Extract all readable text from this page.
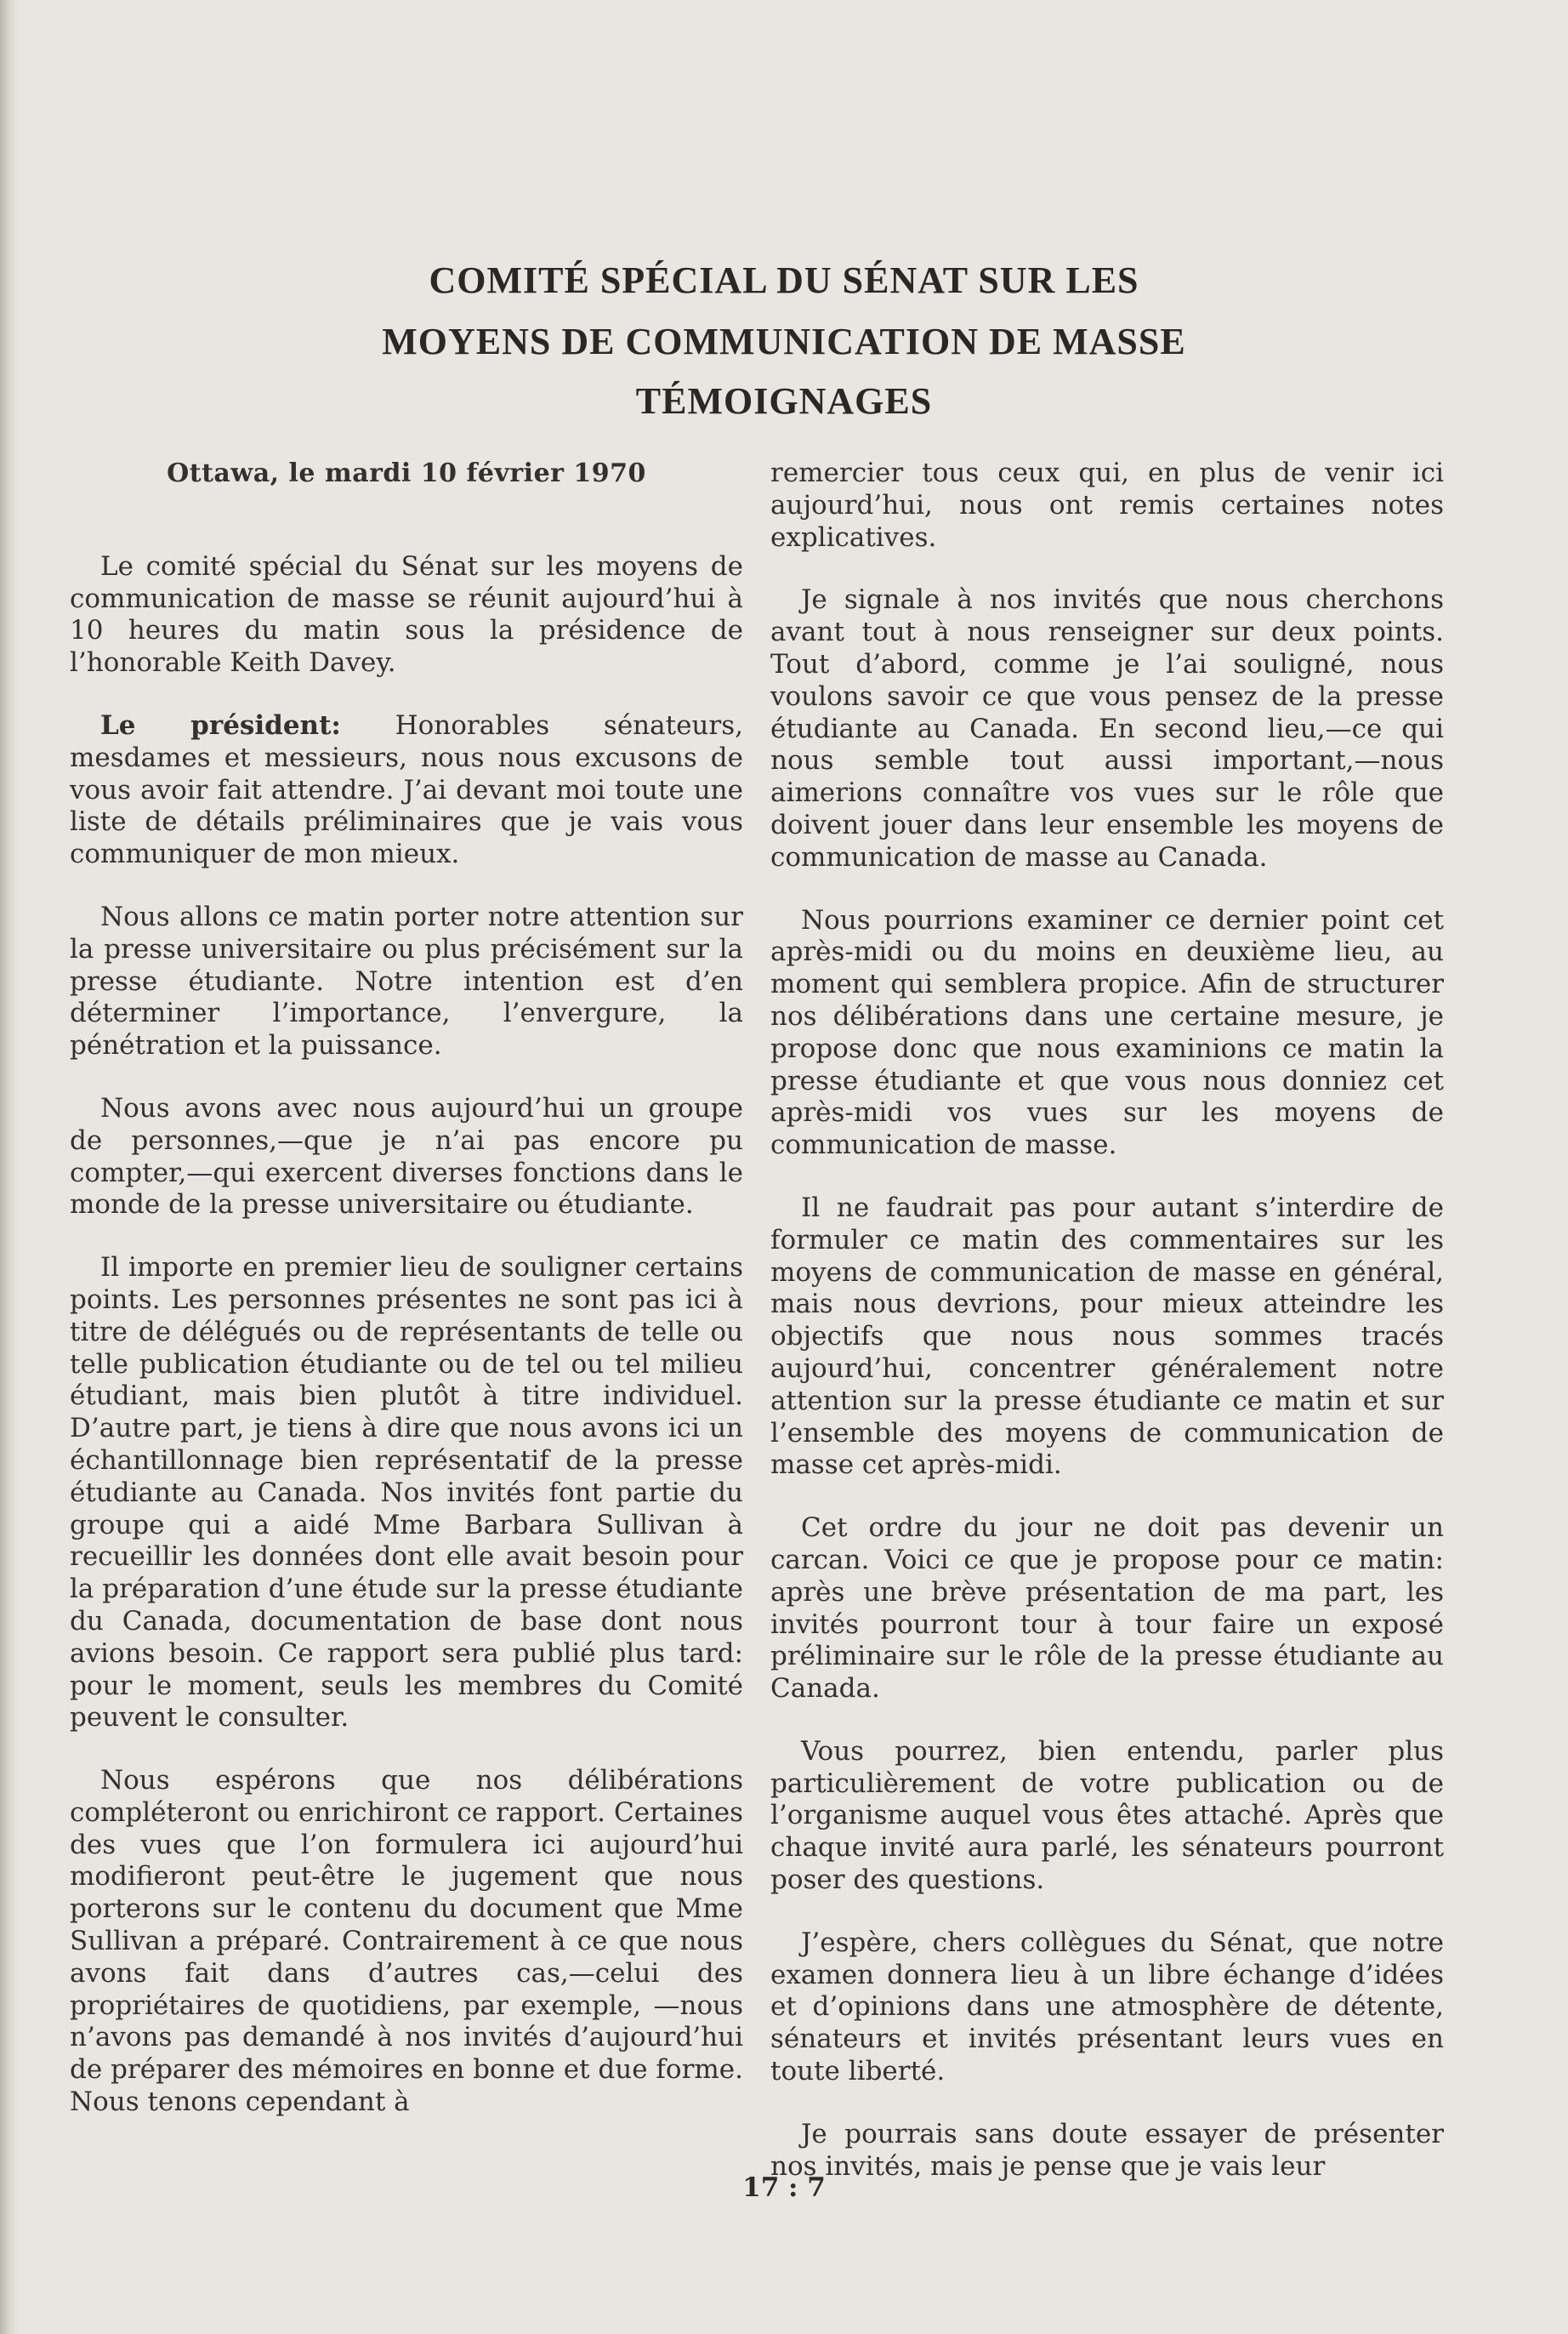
COMITÉ SPÉCIAL DU SÉNAT SUR LES
MOYENS DE COMMUNICATION DE MASSE
TÉMOIGNAGES
Ottawa, le mardi 10 février 1970

Le comité spécial du Sénat sur les moyens de communication de masse se réunit aujourd’hui à 10 heures du matin sous la présidence de l’honorable Keith Davey.

Le président: Honorables sénateurs, mesdames et messieurs, nous nous excusons de vous avoir fait attendre. J’ai devant moi toute une liste de détails préliminaires que je vais vous communiquer de mon mieux.

Nous allons ce matin porter notre attention sur la presse universitaire ou plus précisément sur la presse étudiante. Notre intention est d’en déterminer l’importance, l’envergure, la pénétration et la puissance.

Nous avons avec nous aujourd’hui un groupe de personnes,—que je n’ai pas encore pu compter,—qui exercent diverses fonctions dans le monde de la presse universitaire ou étudiante.

Il importe en premier lieu de souligner certains points. Les personnes présentes ne sont pas ici à titre de délégués ou de représentants de telle ou telle publication étudiante ou de tel ou tel milieu étudiant, mais bien plutôt à titre individuel. D’autre part, je tiens à dire que nous avons ici un échantillonnage bien représentatif de la presse étudiante au Canada. Nos invités font partie du groupe qui a aidé Mme Barbara Sullivan à recueillir les données dont elle avait besoin pour la préparation d’une étude sur la presse étudiante du Canada, documentation de base dont nous avions besoin. Ce rapport sera publié plus tard: pour le moment, seuls les membres du Comité peuvent le consulter.

Nous espérons que nos délibérations compléteront ou enrichiront ce rapport. Certaines des vues que l’on formulera ici aujourd’hui modifieront peut-être le jugement que nous porterons sur le contenu du document que Mme Sullivan a préparé. Contrairement à ce que nous avons fait dans d’autres cas,—celui des propriétaires de quotidiens, par exemple, —nous n’avons pas demandé à nos invités d’aujourd’hui de préparer des mémoires en bonne et due forme. Nous tenons cependant à

remercier tous ceux qui, en plus de venir ici aujourd’hui, nous ont remis certaines notes explicatives.

Je signale à nos invités que nous cherchons avant tout à nous renseigner sur deux points. Tout d’abord, comme je l’ai souligné, nous voulons savoir ce que vous pensez de la presse étudiante au Canada. En second lieu,—ce qui nous semble tout aussi important,—nous aimerions connaître vos vues sur le rôle que doivent jouer dans leur ensemble les moyens de communication de masse au Canada.

Nous pourrions examiner ce dernier point cet après-midi ou du moins en deuxième lieu, au moment qui semblera propice. Afin de structurer nos délibérations dans une certaine mesure, je propose donc que nous examinions ce matin la presse étudiante et que vous nous donniez cet après-midi vos vues sur les moyens de communication de masse.

Il ne faudrait pas pour autant s’interdire de formuler ce matin des commentaires sur les moyens de communication de masse en général, mais nous devrions, pour mieux atteindre les objectifs que nous nous sommes tracés aujourd’hui, concentrer généralement notre attention sur la presse étudiante ce matin et sur l’ensemble des moyens de communication de masse cet après-midi.

Cet ordre du jour ne doit pas devenir un carcan. Voici ce que je propose pour ce matin: après une brève présentation de ma part, les invités pourront tour à tour faire un exposé préliminaire sur le rôle de la presse étudiante au Canada.

Vous pourrez, bien entendu, parler plus particulièrement de votre publication ou de l’organisme auquel vous êtes attaché. Après que chaque invité aura parlé, les sénateurs pourront poser des questions.

J’espère, chers collègues du Sénat, que notre examen donnera lieu à un libre échange d’idées et d’opinions dans une atmosphère de détente, sénateurs et invités présentant leurs vues en toute liberté.

Je pourrais sans doute essayer de présenter nos invités, mais je pense que je vais leur

17 : 7
